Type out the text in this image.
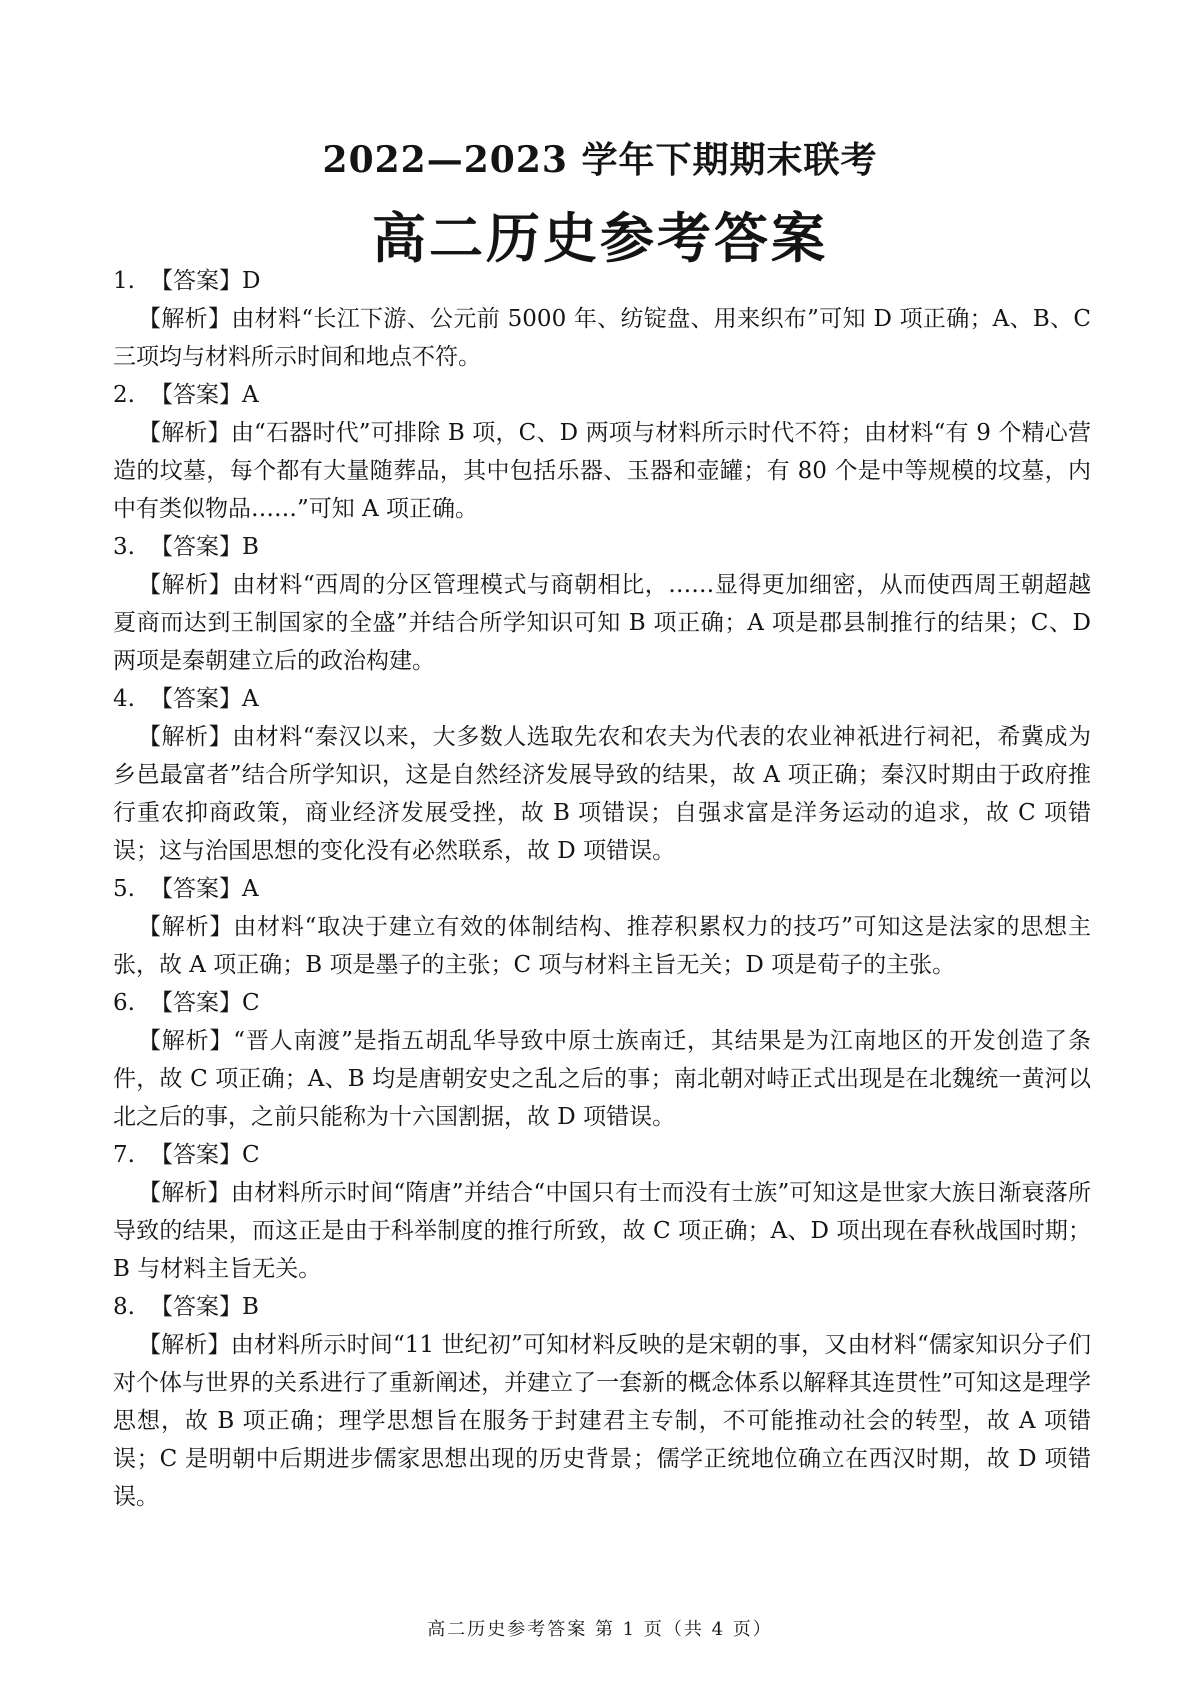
2022—2023 学年下期期末联考
高二历史参考答案
1. 【答案】D

【解析】由材料“长江下游、公元前 5000 年、纺锭盘、用来织布”可知 D 项正确；A、B、C 三项均与材料所示时间和地点不符。

2. 【答案】A

【解析】由“石器时代”可排除 B 项，C、D 两项与材料所示时代不符；由材料“有 9 个精心营造的坟墓，每个都有大量随葬品，其中包括乐器、玉器和壶罐；有 80 个是中等规模的坟墓，内中有类似物品……”可知 A 项正确。

3. 【答案】B

【解析】由材料“西周的分区管理模式与商朝相比，……显得更加细密，从而使西周王朝超越夏商而达到王制国家的全盛”并结合所学知识可知 B 项正确；A 项是郡县制推行的结果；C、D 两项是秦朝建立后的政治构建。

4. 【答案】A

【解析】由材料“秦汉以来，大多数人选取先农和农夫为代表的农业神祇进行祠祀，希冀成为乡邑最富者”结合所学知识，这是自然经济发展导致的结果，故 A 项正确；秦汉时期由于政府推行重农抑商政策，商业经济发展受挫，故 B 项错误；自强求富是洋务运动的追求，故 C 项错误；这与治国思想的变化没有必然联系，故 D 项错误。

5. 【答案】A

【解析】由材料“取决于建立有效的体制结构、推荐积累权力的技巧”可知这是法家的思想主张，故 A 项正确；B 项是墨子的主张；C 项与材料主旨无关；D 项是荀子的主张。

6. 【答案】C

【解析】“晋人南渡”是指五胡乱华导致中原士族南迁，其结果是为江南地区的开发创造了条件，故 C 项正确；A、B 均是唐朝安史之乱之后的事；南北朝对峙正式出现是在北魏统一黄河以北之后的事，之前只能称为十六国割据，故 D 项错误。

7. 【答案】C

【解析】由材料所示时间“隋唐”并结合“中国只有士而没有士族”可知这是世家大族日渐衰落所导致的结果，而这正是由于科举制度的推行所致，故 C 项正确；A、D 项出现在春秋战国时期；B 与材料主旨无关。

8. 【答案】B

【解析】由材料所示时间“11 世纪初”可知材料反映的是宋朝的事，又由材料“儒家知识分子们对个体与世界的关系进行了重新阐述，并建立了一套新的概念体系以解释其连贯性”可知这是理学思想，故 B 项正确；理学思想旨在服务于封建君主专制，不可能推动社会的转型，故 A 项错误；C 是明朝中后期进步儒家思想出现的历史背景；儒学正统地位确立在西汉时期，故 D 项错误。

高二历史参考答案 第 1 页（共 4 页）
